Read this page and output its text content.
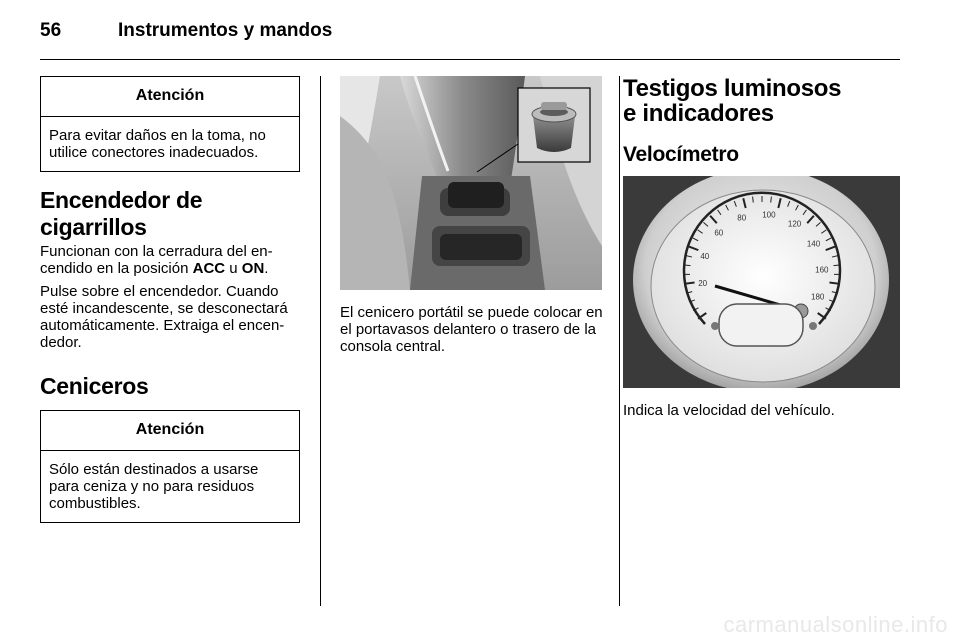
56	Instrumentos y mandos
Atención
Para evitar daños en la toma, no utilice conectores inadecuados.
Encendedor de cigarrillos

Funcionan con la cerradura del en-cendido en la posición ACC u ON.

Pulse sobre el encendedor. Cuando esté incandescente, se desconectará automáticamente. Extraiga el encen-dedor.

Ceniceros
Atención
Sólo están destinados a usarse para ceniza y no para residuos combustibles.

El cenicero portátil se puede colocar en el portavasos delantero o trasero de la consola central.

Testigos luminosos
e indicadores
Velocímetro
20
40
60
80 100
120
140
160
180

Indica la velocidad del vehículo.

carmanualsonline.info
